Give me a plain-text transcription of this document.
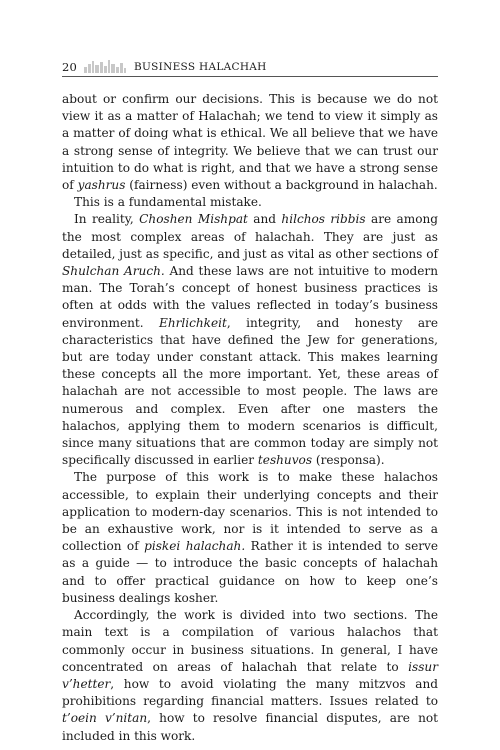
20	BUSINESS HALACHAH

about or confirm our decisions. This is because we do not view it as a matter of Halachah; we tend to view it simply as a matter of doing what is ethical. We all believe that we have a strong sense of integrity. We believe that we can trust our intuition to do what is right, and that we have a strong sense of yashrus (fairness) even without a background in halachah.

This is a fundamental mistake.

In reality, Choshen Mishpat and hilchos ribbis are among the most complex areas of halachah. They are just as detailed, just as specific, and just as vital as other sections of Shulchan Aruch. And these laws are not intuitive to modern man. The Torah’s concept of honest business practices is often at odds with the values reflected in today’s business environment. Ehrlichkeit, integrity, and honesty are characteristics that have defined the Jew for generations, but are today under constant attack. This makes learning these concepts all the more important. Yet, these areas of halachah are not accessible to most people. The laws are numerous and complex. Even after one masters the halachos, applying them to modern scenarios is difficult, since many situations that are common today are simply not specifically discussed in earlier teshuvos (responsa).

The purpose of this work is to make these halachos accessible, to explain their underlying concepts and their application to modern-day scenarios. This is not intended to be an exhaustive work, nor is it intended to serve as a collection of piskei halachah. Rather it is intended to serve as a guide — to introduce the basic concepts of halachah and to offer practical guidance on how to keep one’s business dealings kosher.

Accordingly, the work is divided into two sections. The main text is a compilation of various halachos that commonly occur in business situations. In general, I have concentrated on areas of halachah that relate to issur v’hetter, how to avoid violating the many mitzvos and prohibitions regarding financial matters. Issues related to t’oein v’nitan, how to resolve financial disputes, are not included in this work.
